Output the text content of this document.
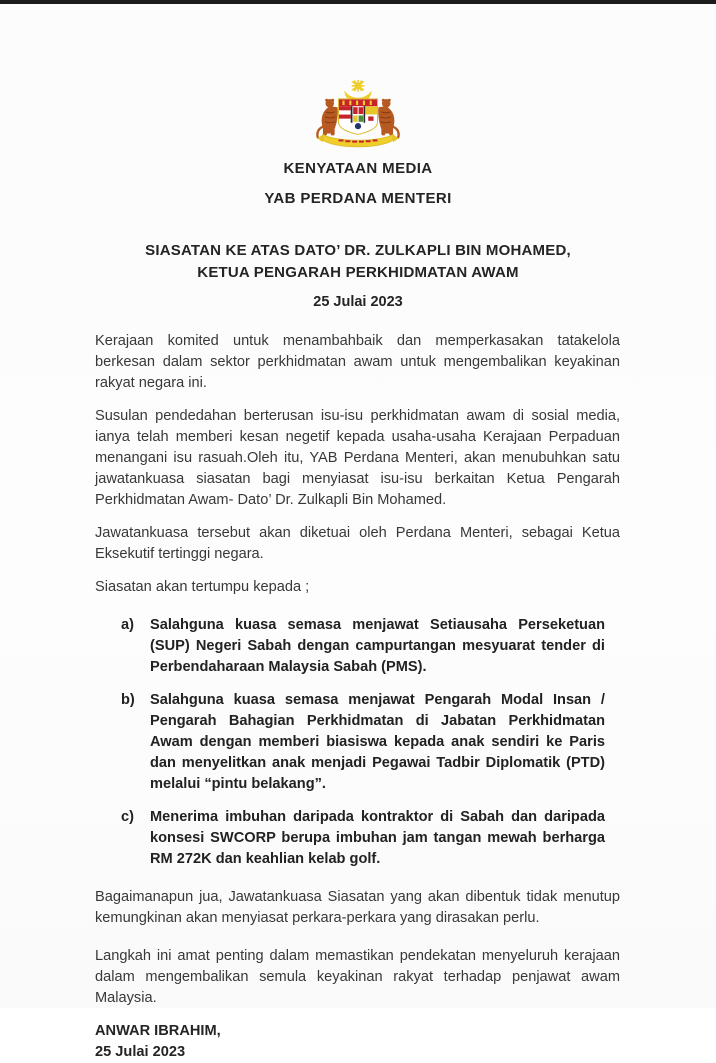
KENYATAAN MEDIA
YAB PERDANA MENTERI
SIASATAN KE ATAS DATO’ DR. ZULKAPLI BIN MOHAMED,
KETUA PENGARAH PERKHIDMATAN AWAM
25 Julai 2023

Kerajaan komited untuk menambahbaik dan memperkasakan tatakelola berkesan dalam sektor perkhidmatan awam untuk mengembalikan keyakinan rakyat negara ini.

Susulan pendedahan berterusan isu-isu perkhidmatan awam di sosial media, ianya telah memberi kesan negetif kepada usaha-usaha Kerajaan Perpaduan menangani isu rasuah.Oleh itu, YAB Perdana Menteri, akan menubuhkan satu jawatankuasa siasatan bagi menyiasat isu-isu berkaitan Ketua Pengarah Perkhidmatan Awam- Dato’ Dr. Zulkapli Bin Mohamed.

Jawatankuasa tersebut akan diketuai oleh Perdana Menteri, sebagai Ketua Eksekutif tertinggi negara.

Siasatan akan tertumpu kepada ;

a)	Salahguna kuasa semasa menjawat Setiausaha Perseketuan (SUP) Negeri Sabah dengan campurtangan mesyuarat tender di Perbendaharaan Malaysia Sabah (PMS).
b)	Salahguna kuasa semasa menjawat Pengarah Modal Insan / Pengarah Bahagian Perkhidmatan di Jabatan Perkhidmatan Awam dengan memberi biasiswa kepada anak sendiri ke Paris dan menyelitkan anak menjadi Pegawai Tadbir Diplomatik (PTD) melalui “pintu belakang”.
c)	Menerima imbuhan daripada kontraktor di Sabah dan daripada konsesi SWCORP berupa imbuhan jam tangan mewah berharga RM 272K dan keahlian kelab golf.

Bagaimanapun jua, Jawatankuasa Siasatan yang akan dibentuk tidak menutup kemungkinan akan menyiasat perkara-perkara yang dirasakan perlu.

Langkah ini amat penting dalam memastikan pendekatan menyeluruh kerajaan dalam mengembalikan semula keyakinan rakyat terhadap penjawat awam Malaysia.

ANWAR IBRAHIM,
25 Julai 2023
